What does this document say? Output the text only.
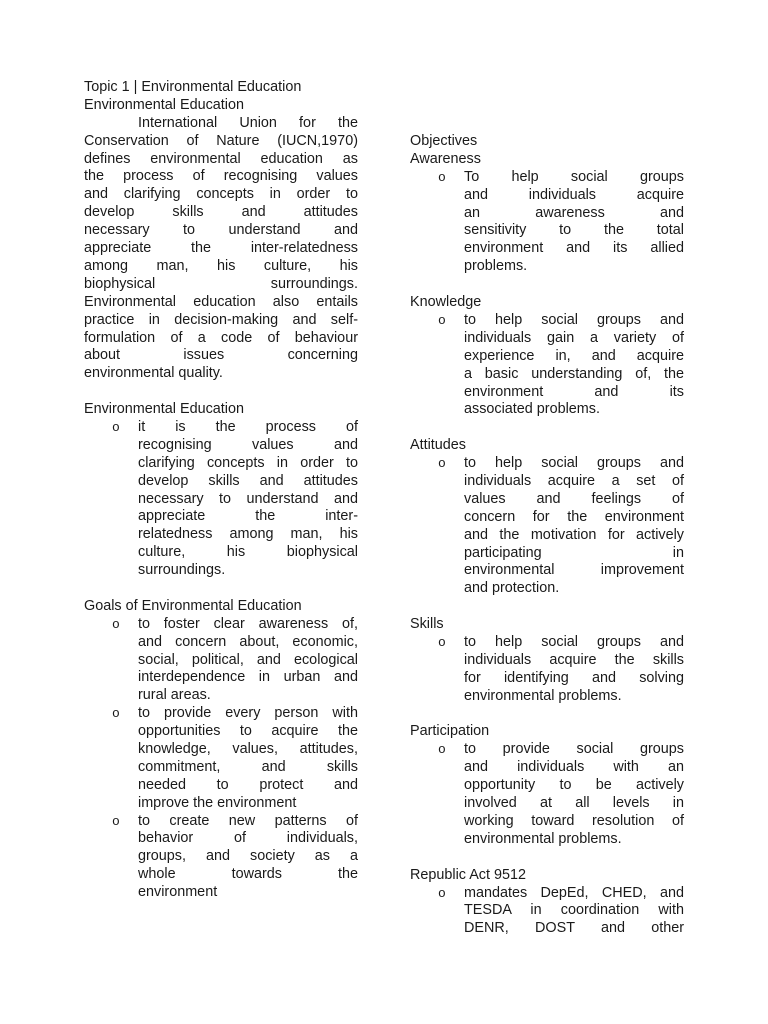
Topic 1 | Environmental Education
Environmental Education
International Union for the
Conservation of Nature (IUCN,1970)
defines environmental education as
the process of recognising values
and clarifying concepts in order to
develop skills and attitudes
necessary to understand and
appreciate the inter-relatedness
among man, his culture, his
biophysical surroundings.
Environmental education also entails
practice in decision-making and self-
formulation of a code of behaviour
about issues concerning
environmental quality.
Environmental Education
o it is the process of
recognising values and
clarifying concepts in order to
develop skills and attitudes
necessary to understand and
appreciate the inter-
relatedness among man, his
culture, his biophysical
surroundings.
Goals of Environmental Education
o to foster clear awareness of,
and concern about, economic,
social, political, and ecological
interdependence in urban and
rural areas.
o to provide every person with
opportunities to acquire the
knowledge, values, attitudes,
commitment, and skills
needed to protect and
improve the environment
o to create new patterns of
behavior of individuals,
groups, and society as a
whole towards the
environment
Objectives
Awareness
o To help social groups
and individuals acquire
an awareness and
sensitivity to the total
environment and its allied
problems.
Knowledge
o to help social groups and
individuals gain a variety of
experience in, and acquire
a basic understanding of, the
environment and its
associated problems.
Attitudes
o to help social groups and
individuals acquire a set of
values and feelings of
concern for the environment
and the motivation for actively
participating in
environmental improvement
and protection.
Skills
o to help social groups and
individuals acquire the skills
for identifying and solving
environmental problems.
Participation
o to provide social groups
and individuals with an
opportunity to be actively
involved at all levels in
working toward resolution of
environmental problems.
Republic Act 9512
o mandates DepEd, CHED, and
TESDA in coordination with
DENR, DOST and other
